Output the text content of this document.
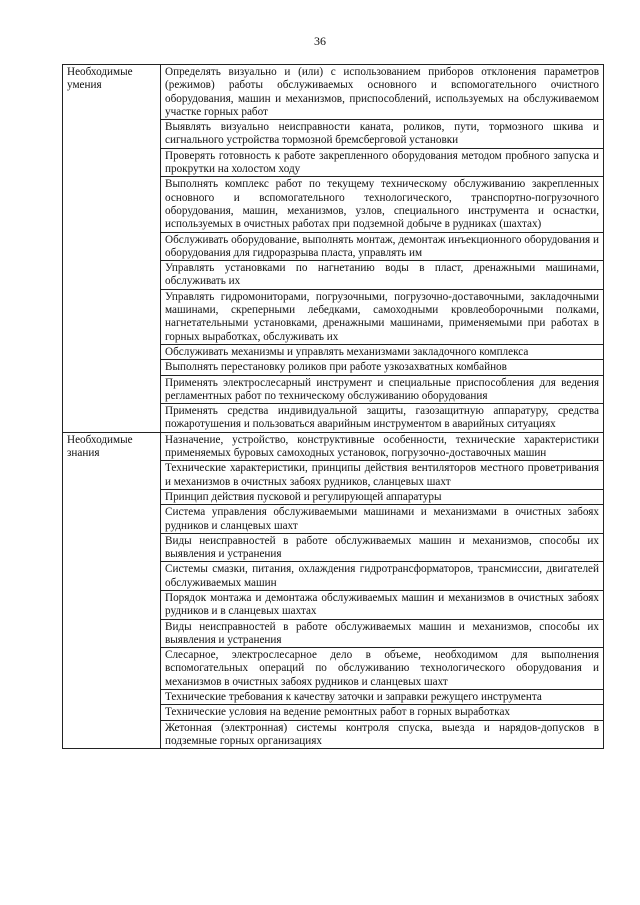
36
Необходимые умения	Определять визуально и (или) с использованием приборов отклонения параметров (режимов) работы обслуживаемых основного и вспомогательного очистного оборудования, машин и механизмов, приспособлений, используемых на обслуживаемом участке горных работ
	Выявлять визуально неисправности каната, роликов, пути, тормозного шкива и сигнального устройства тормозной бремсберговой установки
	Проверять готовность к работе закрепленного оборудования методом пробного запуска и прокрутки на холостом ходу
	Выполнять комплекс работ по текущему техническому обслуживанию закрепленных основного и вспомогательного технологического, транспортно-погрузочного оборудования, машин, механизмов, узлов, специального инструмента и оснастки, используемых в очистных работах при подземной добыче в рудниках (шахтах)
	Обслуживать оборудование, выполнять монтаж, демонтаж инъекционного оборудования и оборудования для гидроразрыва пласта, управлять им
	Управлять установками по нагнетанию воды в пласт, дренажными машинами, обслуживать их
	Управлять гидромониторами, погрузочными, погрузочно-доставочными, закладочными машинами, скреперными лебедками, самоходными кровлеоборочными полками, нагнетательными установками, дренажными машинами, применяемыми при работах в горных выработках, обслуживать их
	Обслуживать механизмы и управлять механизмами закладочного комплекса
	Выполнять перестановку роликов при работе узкозахватных комбайнов
	Применять электрослесарный инструмент и специальные приспособления для ведения регламентных работ по техническому обслуживанию оборудования
	Применять средства индивидуальной защиты, газозащитную аппаратуру, средства пожаротушения и пользоваться аварийным инструментом в аварийных ситуациях
Необходимые знания	Назначение, устройство, конструктивные особенности, технические характеристики применяемых буровых самоходных установок, погрузочно-доставочных машин
	Технические характеристики, принципы действия вентиляторов местного проветривания и механизмов в очистных забоях рудников, сланцевых шахт
	Принцип действия пусковой и регулирующей аппаратуры
	Система управления обслуживаемыми машинами и механизмами в очистных забоях рудников и сланцевых шахт
	Виды неисправностей в работе обслуживаемых машин и механизмов, способы их выявления и устранения
	Системы смазки, питания, охлаждения гидротрансформаторов, трансмиссии, двигателей обслуживаемых машин
	Порядок монтажа и демонтажа обслуживаемых машин и механизмов в очистных забоях рудников и в сланцевых шахтах
	Виды неисправностей в работе обслуживаемых машин и механизмов, способы их выявления и устранения
	Слесарное, электрослесарное дело в объеме, необходимом для выполнения вспомогательных операций по обслуживанию технологического оборудования и механизмов в очистных забоях рудников и сланцевых шахт
	Технические требования к качеству заточки и заправки режущего инструмента
	Технические условия на ведение ремонтных работ в горных выработках
	Жетонная (электронная) системы контроля спуска, выезда и нарядов-допусков в подземные горных организациях
